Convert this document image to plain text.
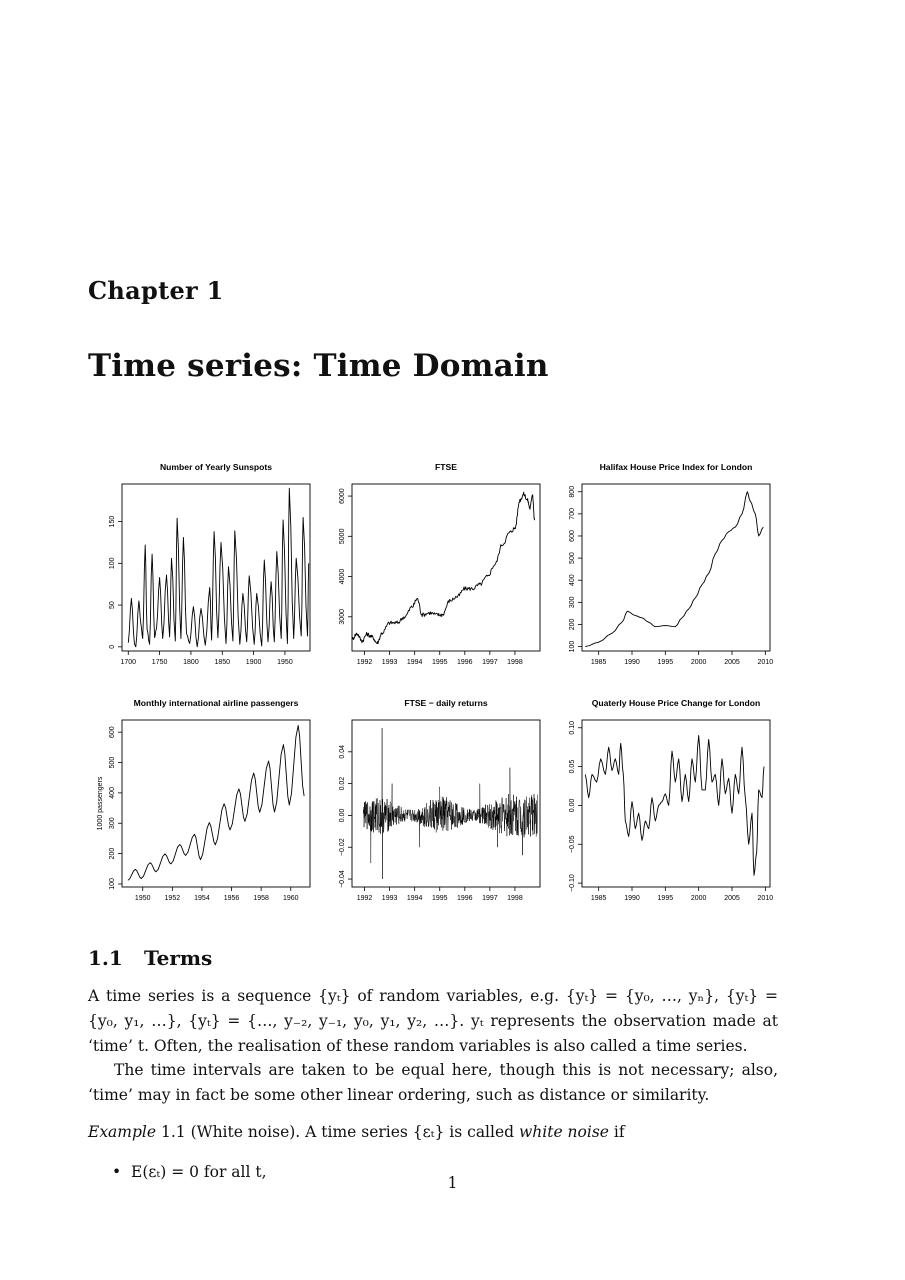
Chapter 1
Time series: Time Domain
Number of Yearly Sunspots
1700 1750 1800 1850 1900 1950
0
50
100
150
FTSE
1992 1993 1994 1995 1996 1997 1998
3000
4000
5000
6000
Halifax House Price Index for London
1985	1990	1995	2000	2005	2010
100
200
300
400
500
600
700
800
Monthly international airline passengers
1950 1952 1954 1956 1958 1960
100
200
300
400
500
600
1000 passengers
FTSE − daily returns
1992 1993 1994 1995 1996 1997 1998
−0.04
−0.02
0.00
0.02
0.04
Quaterly House Price Change for London
1985	1990	1995	2000	2005	2010
−0.10
−0.05
0.00
0.05
0.10
1.1 Terms

A time series is a sequence {yₜ} of random variables, e.g. {yₜ} = {y₀, …, yₙ}, {yₜ} = {y₀, y₁, …}, {yₜ} = {…, y₋₂, y₋₁, y₀, y₁, y₂, …}. yₜ represents the observation made at ‘time’ t. Often, the realisation of these random variables is also called a time series.

The time intervals are taken to be equal here, though this is not necessary; also, ‘time’ may in fact be some other linear ordering, such as distance or similarity.

Example 1.1 (White noise). A time series {εₜ} is called white noise if

•  E(εₜ) = 0 for all t,
1
